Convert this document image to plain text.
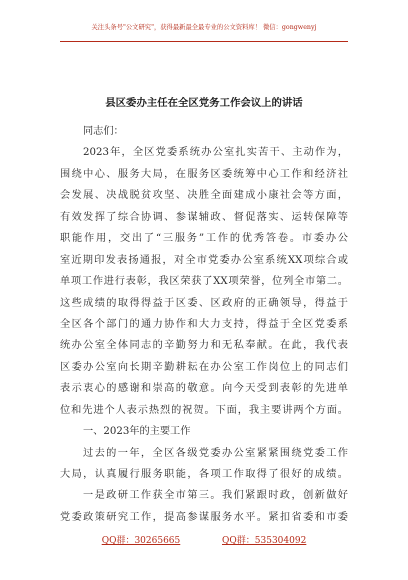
关注头条号"公文研究"，获得最新最全最专业的公文资料库！ 微信：gongwenyj
县区委办主任在全区党务工作会议上的讲话
同志们：
2023年，全区党委系统办公室扎实苦干、主动作为，
围绕中心、服务大局，在服务区委统筹中心工作和经济社
会发展、决战脱贫攻坚、决胜全面建成小康社会等方面，
有效发挥了综合协调、参谋辅政、督促落实、运转保障等
职能作用，交出了“三服务”工作的优秀答卷。市委办公
室近期印发表扬通报，对全市党委办公室系统XX项综合或
单项工作进行表彰，我区荣获了XX项荣誉，位列全市第二。
这些成绩的取得得益于区委、区政府的正确领导，得益于
全区各个部门的通力协作和大力支持，得益于全区党委系
统办公室全体同志的辛勤努力和无私奉献。在此，我代表
区委办公室向长期辛勤耕耘在办公室工作岗位上的同志们
表示衷心的感谢和崇高的敬意。向今天受到表彰的先进单
位和先进个人表示热烈的祝贺。下面，我主要讲两个方面。
一、2023年的主要工作
过去的一年，全区各级党委办公室紧紧围绕党委工作
大局，认真履行服务职能，各项工作取得了很好的成绩。
一是政研工作获全市第三。我们紧跟时政，创新做好
党委政策研究工作，提高参谋服务水平。紧扣省委和市委
QQ群：30265665	QQ群：535304092
